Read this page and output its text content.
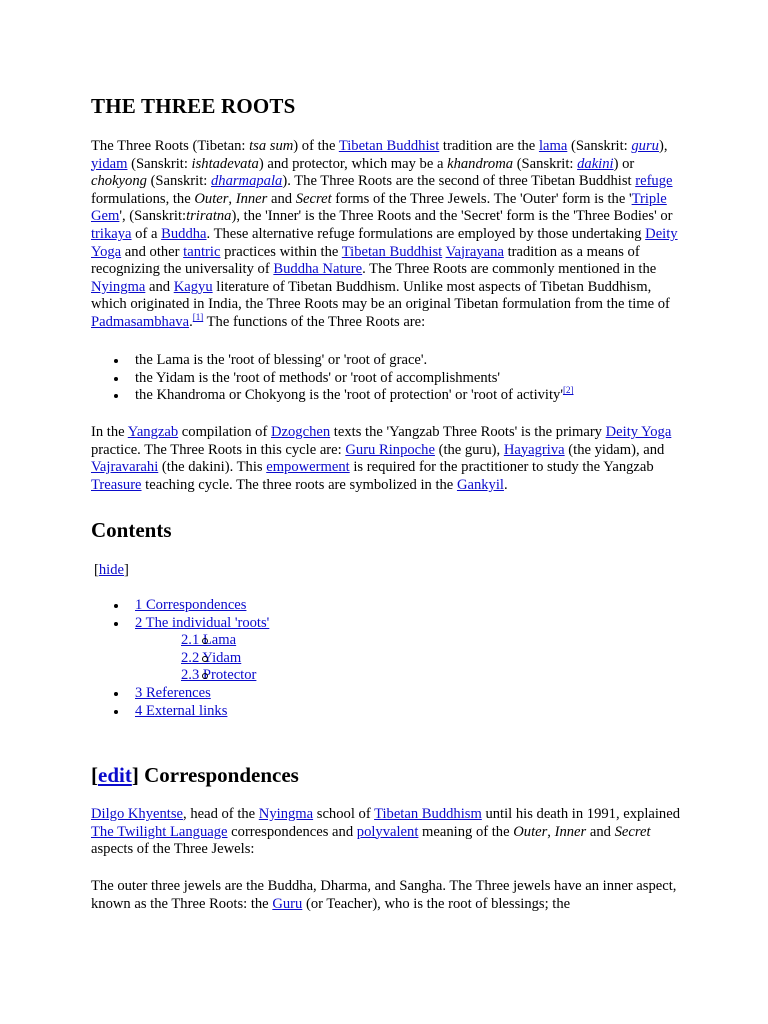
THE THREE ROOTS

The Three Roots (Tibetan: tsa sum) of the Tibetan Buddhist tradition are the lama (Sanskrit: guru), yidam (Sanskrit: ishtadevata) and protector, which may be a khandroma (Sanskrit: dakini) or chokyong (Sanskrit: dharmapala). The Three Roots are the second of three Tibetan Buddhist refuge formulations, the Outer, Inner and Secret forms of the Three Jewels. The 'Outer' form is the 'Triple Gem', (Sanskrit:triratna), the 'Inner' is the Three Roots and the 'Secret' form is the 'Three Bodies' or trikaya of a Buddha. These alternative refuge formulations are employed by those undertaking Deity Yoga and other tantric practices within the Tibetan Buddhist Vajrayana tradition as a means of recognizing the universality of Buddha Nature. The Three Roots are commonly mentioned in the Nyingma and Kagyu literature of Tibetan Buddhism. Unlike most aspects of Tibetan Buddhism, which originated in India, the Three Roots may be an original Tibetan formulation from the time of Padmasambhava.[1] The functions of the Three Roots are:

the Lama is the 'root of blessing' or 'root of grace'.
the Yidam is the 'root of methods' or 'root of accomplishments'
the Khandroma or Chokyong is the 'root of protection' or 'root of activity'[2]

In the Yangzab compilation of Dzogchen texts the 'Yangzab Three Roots' is the primary Deity Yoga practice. The Three Roots in this cycle are: Guru Rinpoche (the guru), Hayagriva (the yidam), and Vajravarahi (the dakini). This empowerment is required for the practitioner to study the Yangzab Treasure teaching cycle. The three roots are symbolized in the Gankyil.

Contents

[hide]

1 Correspondences
2 The individual 'roots'
2.1 Lama
2.2 Yidam
2.3 Protector
3 References
4 External links
[edit] Correspondences

Dilgo Khyentse, head of the Nyingma school of Tibetan Buddhism until his death in 1991, explained The Twilight Language correspondences and polyvalent meaning of the Outer, Inner and Secret aspects of the Three Jewels:

The outer three jewels are the Buddha, Dharma, and Sangha. The Three jewels have an inner aspect, known as the Three Roots: the Guru (or Teacher), who is the root of blessings; the
